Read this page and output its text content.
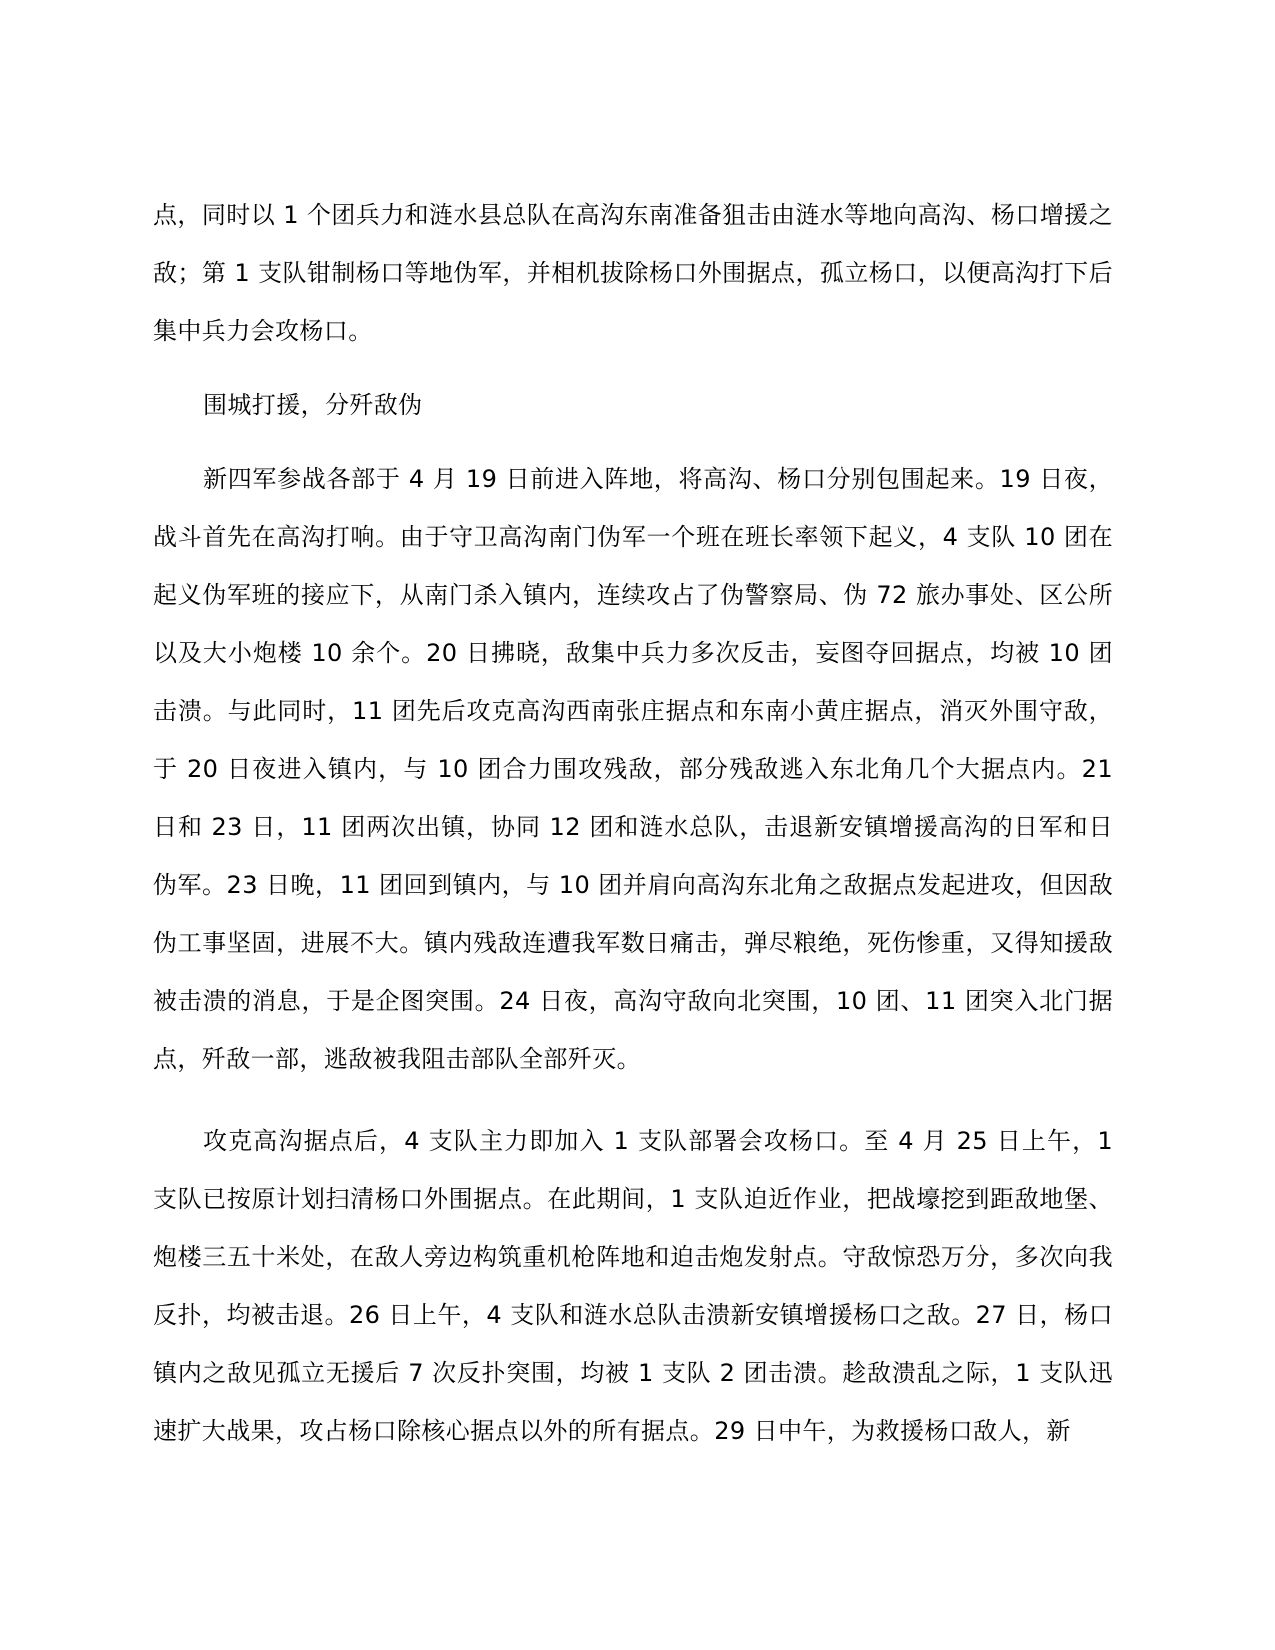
点，同时以 1 个团兵力和涟水县总队在高沟东南准备狙击由涟水等地向高沟、杨口增援之敌；第 1 支队钳制杨口等地伪军，并相机拔除杨口外围据点，孤立杨口，以便高沟打下后集中兵力会攻杨口。

围城打援，分歼敌伪

新四军参战各部于 4 月 19 日前进入阵地，将高沟、杨口分别包围起来。19 日夜，战斗首先在高沟打响。由于守卫高沟南门伪军一个班在班长率领下起义，4 支队 10 团在起义伪军班的接应下，从南门杀入镇内，连续攻占了伪警察局、伪 72 旅办事处、区公所以及大小炮楼 10 余个。20 日拂晓，敌集中兵力多次反击，妄图夺回据点，均被 10 团击溃。与此同时，11 团先后攻克高沟西南张庄据点和东南小黄庄据点，消灭外围守敌，于 20 日夜进入镇内，与 10 团合力围攻残敌，部分残敌逃入东北角几个大据点内。21 日和 23 日，11 团两次出镇，协同 12 团和涟水总队，击退新安镇增援高沟的日军和日伪军。23 日晚，11 团回到镇内，与 10 团并肩向高沟东北角之敌据点发起进攻，但因敌伪工事坚固，进展不大。镇内残敌连遭我军数日痛击，弹尽粮绝，死伤惨重，又得知援敌被击溃的消息，于是企图突围。24 日夜，高沟守敌向北突围，10 团、11 团突入北门据点，歼敌一部，逃敌被我阻击部队全部歼灭。

攻克高沟据点后，4 支队主力即加入 1 支队部署会攻杨口。至 4 月 25 日上午，1 支队已按原计划扫清杨口外围据点。在此期间，1 支队迫近作业，把战壕挖到距敌地堡、炮楼三五十米处，在敌人旁边构筑重机枪阵地和迫击炮发射点。守敌惊恐万分，多次向我反扑，均被击退。26 日上午，4 支队和涟水总队击溃新安镇增援杨口之敌。27 日，杨口镇内之敌见孤立无援后 7 次反扑突围，均被 1 支队 2 团击溃。趁敌溃乱之际，1 支队迅速扩大战果，攻占杨口除核心据点以外的所有据点。29 日中午，为救援杨口敌人，新
